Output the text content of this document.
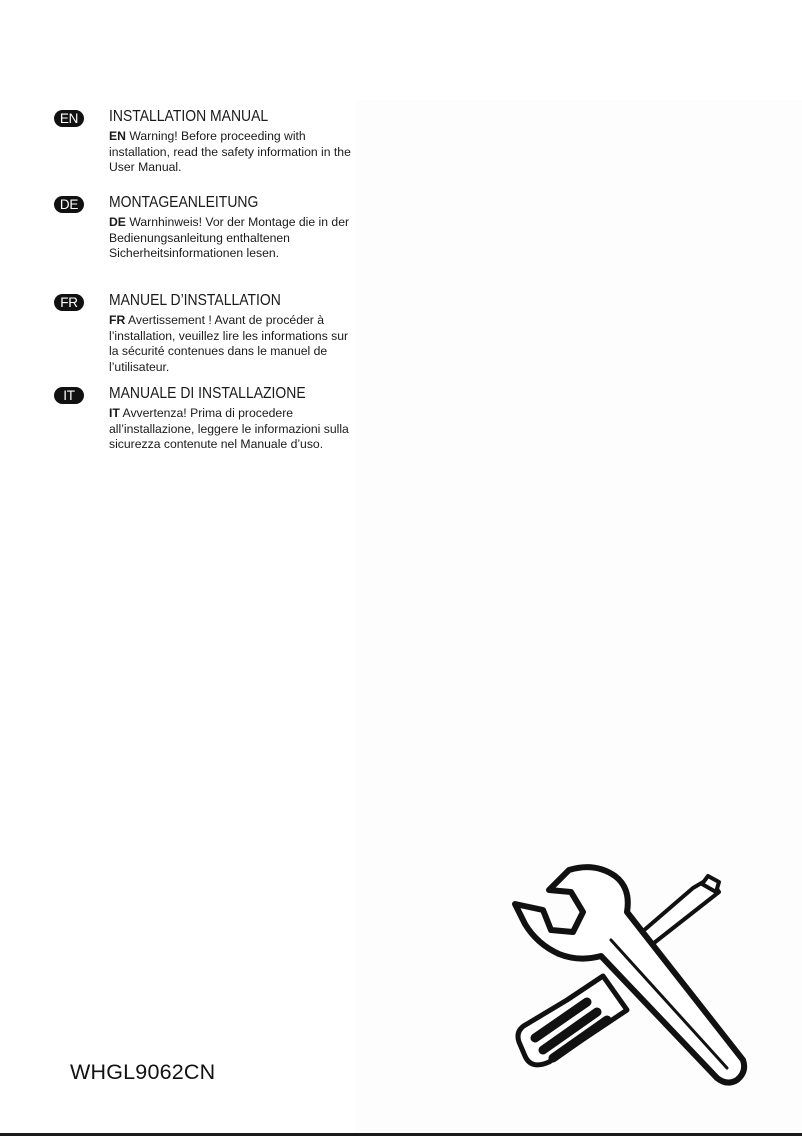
EN	INSTALLATION MANUAL
EN Warning! Before proceeding with installation, read the safety information in the User Manual.
DE	MONTAGEANLEITUNG
DE Warnhinweis! Vor der Montage die in der Bedienungsanleitung enthaltenen Sicherheitsinformationen lesen.
FR	MANUEL D’INSTALLATION
FR Avertissement ! Avant de procéder à l’installation, veuillez lire les informations sur la sécurité contenues dans le manuel de l’utilisateur.
IT	MANUALE DI INSTALLAZIONE
IT Avvertenza! Prima di procedere all’installazione, leggere le informazioni sulla sicurezza contenute nel Manuale d’uso.
WHGL9062CN
